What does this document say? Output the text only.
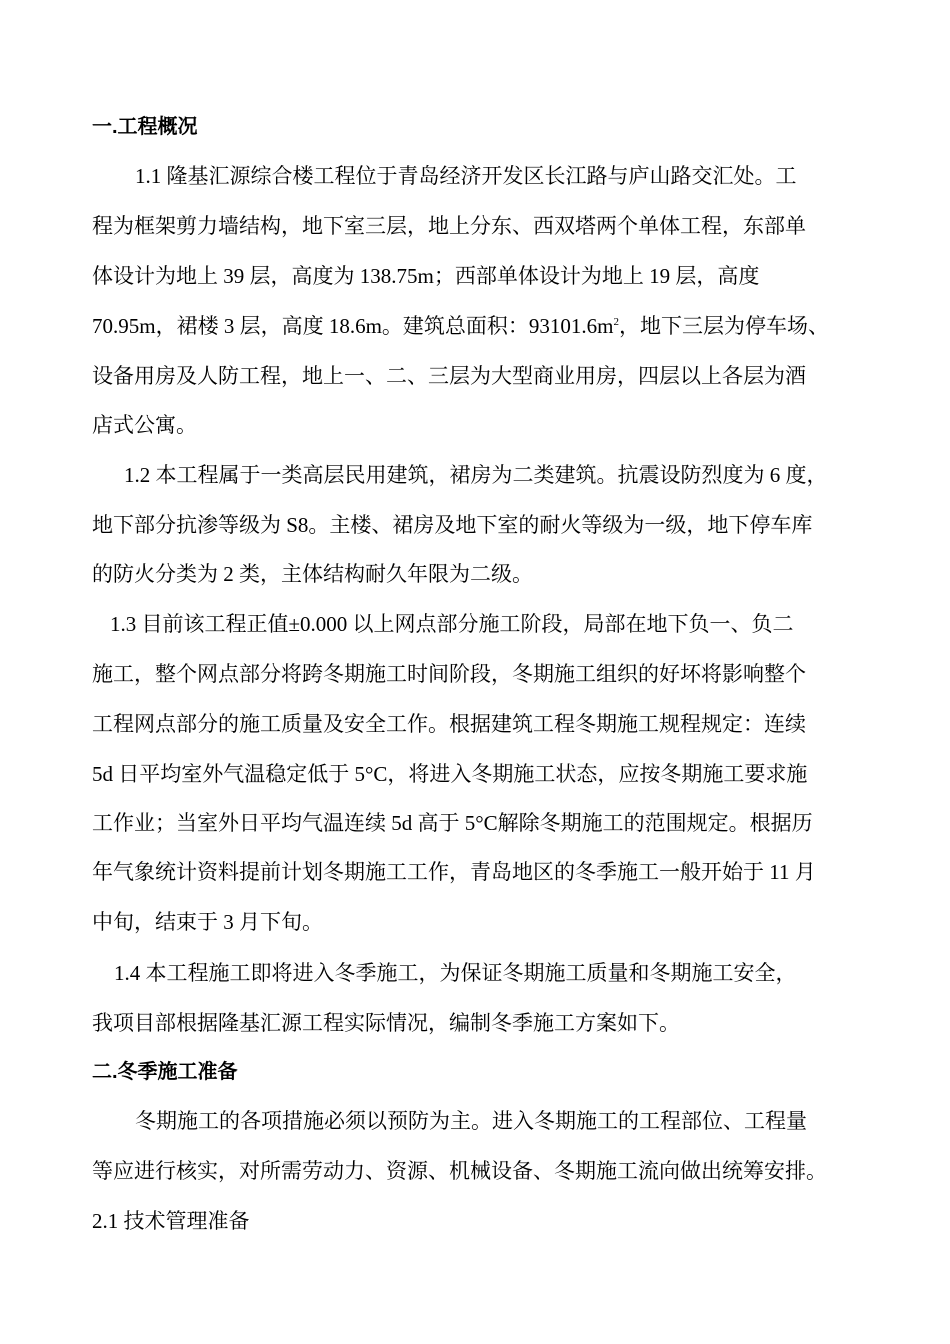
一.工程概况
1.1 隆基汇源综合楼工程位于青岛经济开发区长江路与庐山路交汇处。工
程为框架剪力墙结构，地下室三层，地上分东、西双塔两个单体工程，东部单
体设计为地上 39 层，高度为 138.75m；西部单体设计为地上 19 层，高度
70.95m，裙楼 3 层，高度 18.6m。建筑总面积：$93101.6m^2$，地下三层为停车场、
设备用房及人防工程，地上一、二、三层为大型商业用房，四层以上各层为酒
店式公寓。
1.2 本工程属于一类高层民用建筑，裙房为二类建筑。抗震设防烈度为 6 度，
地下部分抗渗等级为 S8。主楼、裙房及地下室的耐火等级为一级，地下停车库
的防火分类为 2 类，主体结构耐久年限为二级。
1.3 目前该工程正值±0.000 以上网点部分施工阶段，局部在地下负一、负二
施工，整个网点部分将跨冬期施工时间阶段，冬期施工组织的好坏将影响整个
工程网点部分的施工质量及安全工作。根据建筑工程冬期施工规程规定：连续
5d 日平均室外气温稳定低于 5°C，将进入冬期施工状态，应按冬期施工要求施
工作业；当室外日平均气温连续 5d 高于 5°C解除冬期施工的范围规定。根据历
年气象统计资料提前计划冬期施工工作，青岛地区的冬季施工一般开始于 11 月
中旬，结束于 3 月下旬。
1.4 本工程施工即将进入冬季施工，为保证冬期施工质量和冬期施工安全，
我项目部根据隆基汇源工程实际情况，编制冬季施工方案如下。
二.冬季施工准备
冬期施工的各项措施必须以预防为主。进入冬期施工的工程部位、工程量
等应进行核实，对所需劳动力、资源、机械设备、冬期施工流向做出统筹安排。
2.1 技术管理准备
